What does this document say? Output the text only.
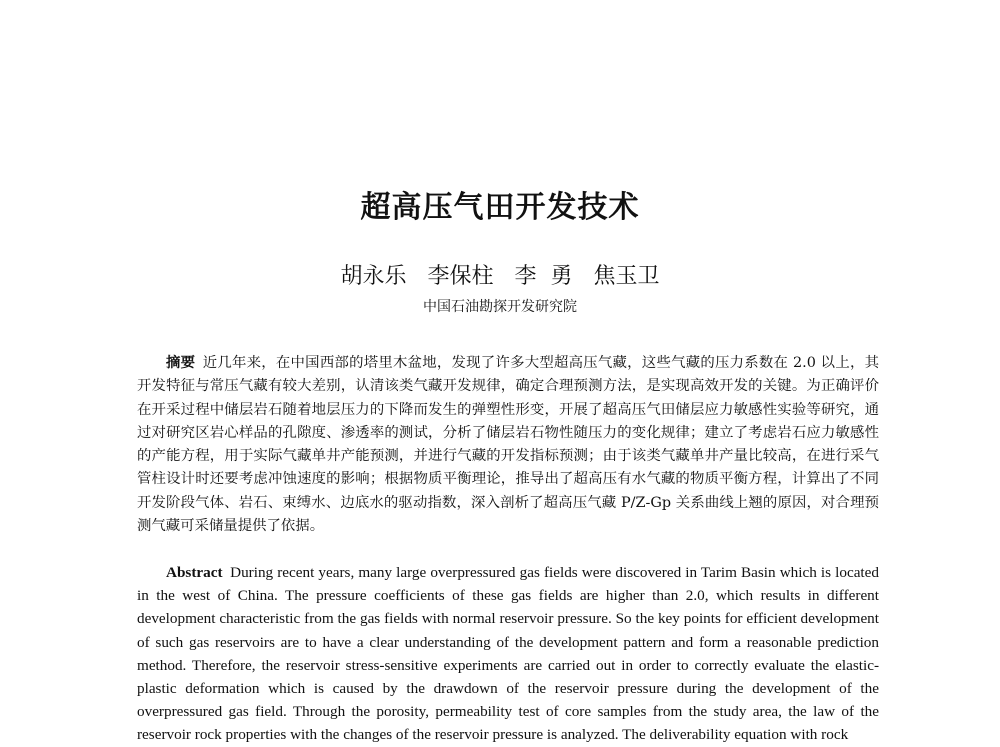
超高压气田开发技术
胡永乐   李保柱   李  勇   焦玉卫
中国石油勘探开发研究院

摘要  近几年来，在中国西部的塔里木盆地，发现了许多大型超高压气藏，这些气藏的压力系数在 2.0 以上，其开发特征与常压气藏有较大差别，认清该类气藏开发规律，确定合理预测方法，是实现高效开发的关键。为正确评价在开采过程中储层岩石随着地层压力的下降而发生的弹塑性形变，开展了超高压气田储层应力敏感性实验等研究，通过对研究区岩心样品的孔隙度、渗透率的测试，分析了储层岩石物性随压力的变化规律；建立了考虑岩石应力敏感性的产能方程，用于实际气藏单井产能预测，并进行气藏的开发指标预测；由于该类气藏单井产量比较高，在进行采气管柱设计时还要考虑冲蚀速度的影响；根据物质平衡理论，推导出了超高压有水气藏的物质平衡方程，计算出了不同开发阶段气体、岩石、束缚水、边底水的驱动指数，深入剖析了超高压气藏 P/Z-Gp 关系曲线上翘的原因，对合理预测气藏可采储量提供了依据。

Abstract  During recent years, many large overpressured gas fields were discovered in Tarim Basin which is located in the west of China. The pressure coefficients of these gas fields are higher than 2.0, which results in different development characteristic from the gas fields with normal reservoir pressure. So the key points for efficient development of such gas reservoirs are to have a clear understanding of the development pattern and form a reasonable prediction method. Therefore, the reservoir stress-sensitive experiments are carried out in order to correctly evaluate the elastic-plastic deformation which is caused by the drawdown of the reservoir pressure during the development of the overpressured gas field. Through the porosity, permeability test of core samples from the study area, the law of the reservoir rock properties with the changes of the reservoir pressure is analyzed. The deliverability equation with rock
